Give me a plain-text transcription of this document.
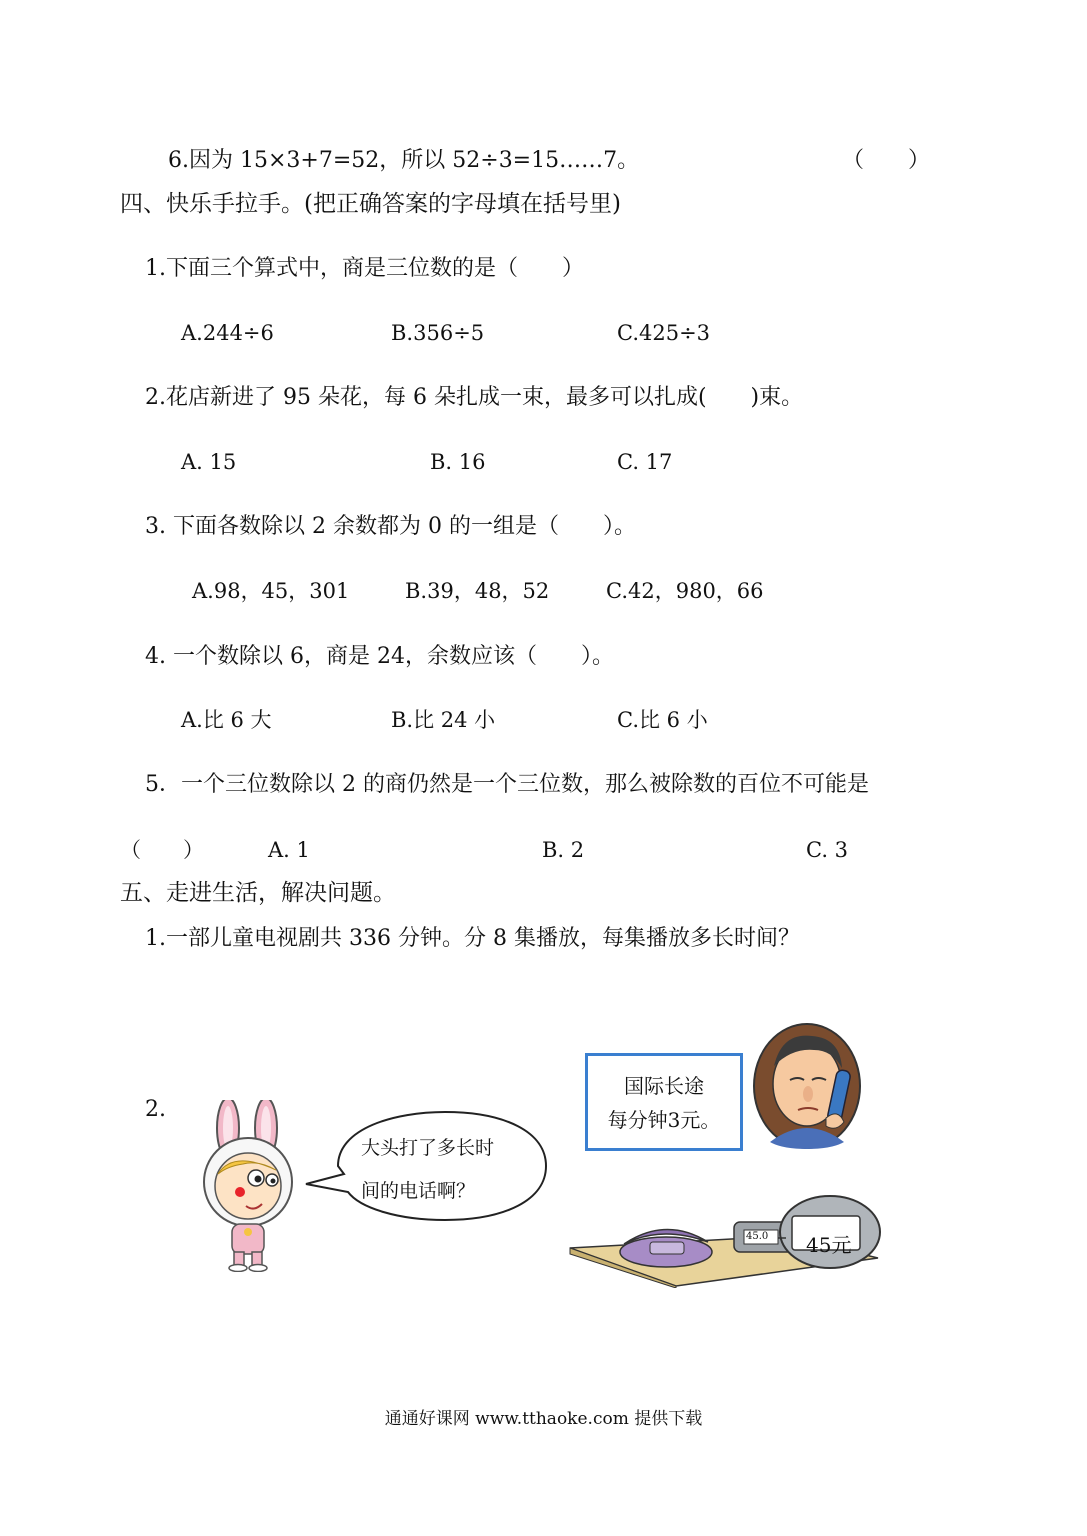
6.因为 15×3+7=52，所以 52÷3=15……7。	（　　）
四、快乐手拉手。(把正确答案的字母填在括号里)
1.下面三个算式中，商是三位数的是（　　）
A.244÷6	B.356÷5	C.425÷3
2.花店新进了 95 朵花，每 6 朵扎成一束，最多可以扎成(　　)束。
A. 15	B. 16	C. 17
3. 下面各数除以 2 余数都为 0 的一组是（　　）。
A.98，45，301	B.39，48，52	C.42，980，66
4. 一个数除以 6，商是 24，余数应该（　　）。
A.比 6 大	B.比 24 小	C.比 6 小
5．一个三位数除以 2 的商仍然是一个三位数，那么被除数的百位不可能是
（　　）	A. 1	B. 2	C. 3
五、走进生活，解决问题。
1.一部儿童电视剧共 336 分钟。分 8 集播放，每集播放多长时间？
2.
大头打了多长时
间的电话啊？
国际长途
每分钟3元。
45.0 45元
通通好课网 www.tthaoke.com 提供下载
